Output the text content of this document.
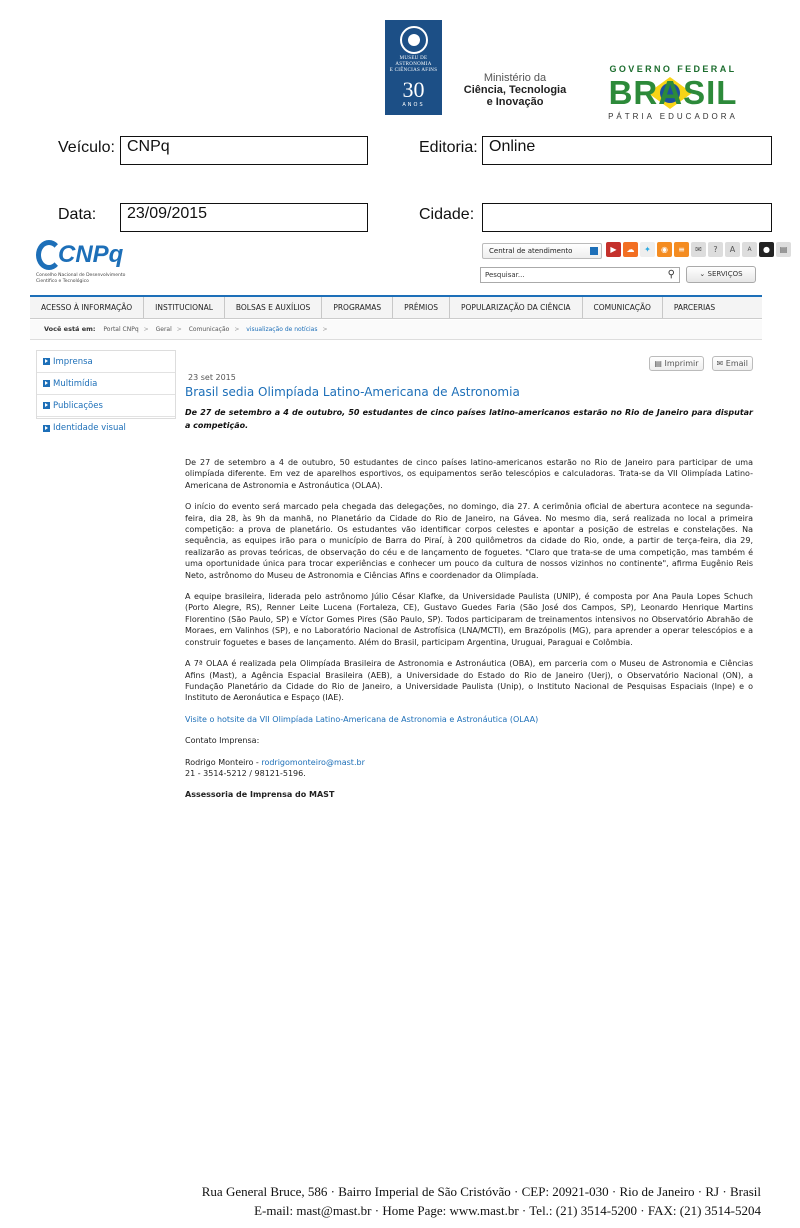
MUSEU DE
ASTRONOMIA
E CIÊNCIAS AFINS
30
ANOS
Ministério da
Ciência, Tecnologia
e Inovação
GOVERNO FEDERAL
BRASIL
PÁTRIA EDUCADORA
Veículo: CNPq	Editoria: Online
Data:	23/09/2015	Cidade:
CNPq
Conselho Nacional de Desenvolvimento Científico e Tecnológico
Central de atendimento	▶	☁	✦	◉	≡	✉	?	A	A	●	▤
Pesquisar...	⚲	⌄ SERVIÇOS
ACESSO À INFORMAÇÃO	INSTITUCIONAL	BOLSAS E AUXÍLIOS	PROGRAMAS	PRÊMIOS	POPULARIZAÇÃO DA CIÊNCIA	COMUNICAÇÃO	PARCERIAS
Você está em: Portal CNPq > Geral > Comunicação > visualização de notícias >
Imprensa
Multimídia
Publicações
Identidade visual
▤ Imprimir	✉ Email
23 set 2015
Brasil sedia Olimpíada Latino-Americana de Astronomia
De 27 de setembro a 4 de outubro, 50 estudantes de cinco países latino-americanos estarão no Rio de Janeiro para disputar a competição.

De 27 de setembro a 4 de outubro, 50 estudantes de cinco países latino-americanos estarão no Rio de Janeiro para participar de uma olimpíada diferente. Em vez de aparelhos esportivos, os equipamentos serão telescópios e calculadoras. Trata-se da VII Olimpíada Latino-Americana de Astronomia e Astronáutica (OLAA).

O início do evento será marcado pela chegada das delegações, no domingo, dia 27. A cerimônia oficial de abertura acontece na segunda-feira, dia 28, às 9h da manhã, no Planetário da Cidade do Rio de Janeiro, na Gávea. No mesmo dia, será realizada no local a primeira competição: a prova de planetário. Os estudantes vão identificar corpos celestes e apontar a posição de estrelas e constelações. Na sequência, as equipes irão para o município de Barra do Piraí, à 200 quilômetros da cidade do Rio, onde, a partir de terça-feira, dia 29, realizarão as provas teóricas, de observação do céu e de lançamento de foguetes. "Claro que trata-se de uma competição, mas também é uma oportunidade única para trocar experiências e conhecer um pouco da cultura de nossos vizinhos no continente", afirma Eugênio Reis Neto, astrônomo do Museu de Astronomia e Ciências Afins e coordenador da Olimpíada.

A equipe brasileira, liderada pelo astrônomo Júlio César Klafke, da Universidade Paulista (UNIP), é composta por Ana Paula Lopes Schuch (Porto Alegre, RS), Renner Leite Lucena (Fortaleza, CE), Gustavo Guedes Faria (São José dos Campos, SP), Leonardo Henrique Martins Florentino (São Paulo, SP) e Víctor Gomes Pires (São Paulo, SP). Todos participaram de treinamentos intensivos no Observatório Abrahão de Moraes, em Valinhos (SP), e no Laboratório Nacional de Astrofísica (LNA/MCTI), em Brazópolis (MG), para aprender a operar telescópios e a construir foguetes e bases de lançamento. Além do Brasil, participam Argentina, Uruguai, Paraguai e Colômbia.

A 7ª OLAA é realizada pela Olimpíada Brasileira de Astronomia e Astronáutica (OBA), em parceria com o Museu de Astronomia e Ciências Afins (Mast), a Agência Espacial Brasileira (AEB), a Universidade do Estado do Rio de Janeiro (Uerj), o Observatório Nacional (ON), a Fundação Planetário da Cidade do Rio de Janeiro, a Universidade Paulista (Unip), o Instituto Nacional de Pesquisas Espaciais (Inpe) e o Instituto de Aeronáutica e Espaço (IAE).

Visite o hotsite da VII Olimpíada Latino-Americana de Astronomia e Astronáutica (OLAA)

Contato Imprensa:

Rodrigo Monteiro - rodrigomonteiro@mast.br

21 - 3514-5212 / 98121-5196.

Assessoria de Imprensa do MAST

Rua General Bruce, 586 · Bairro Imperial de São Cristóvão · CEP: 20921-030 · Rio de Janeiro · RJ · Brasil
E-mail: mast@mast.br · Home Page: www.mast.br · Tel.: (21) 3514-5200 · FAX: (21) 3514-5204
